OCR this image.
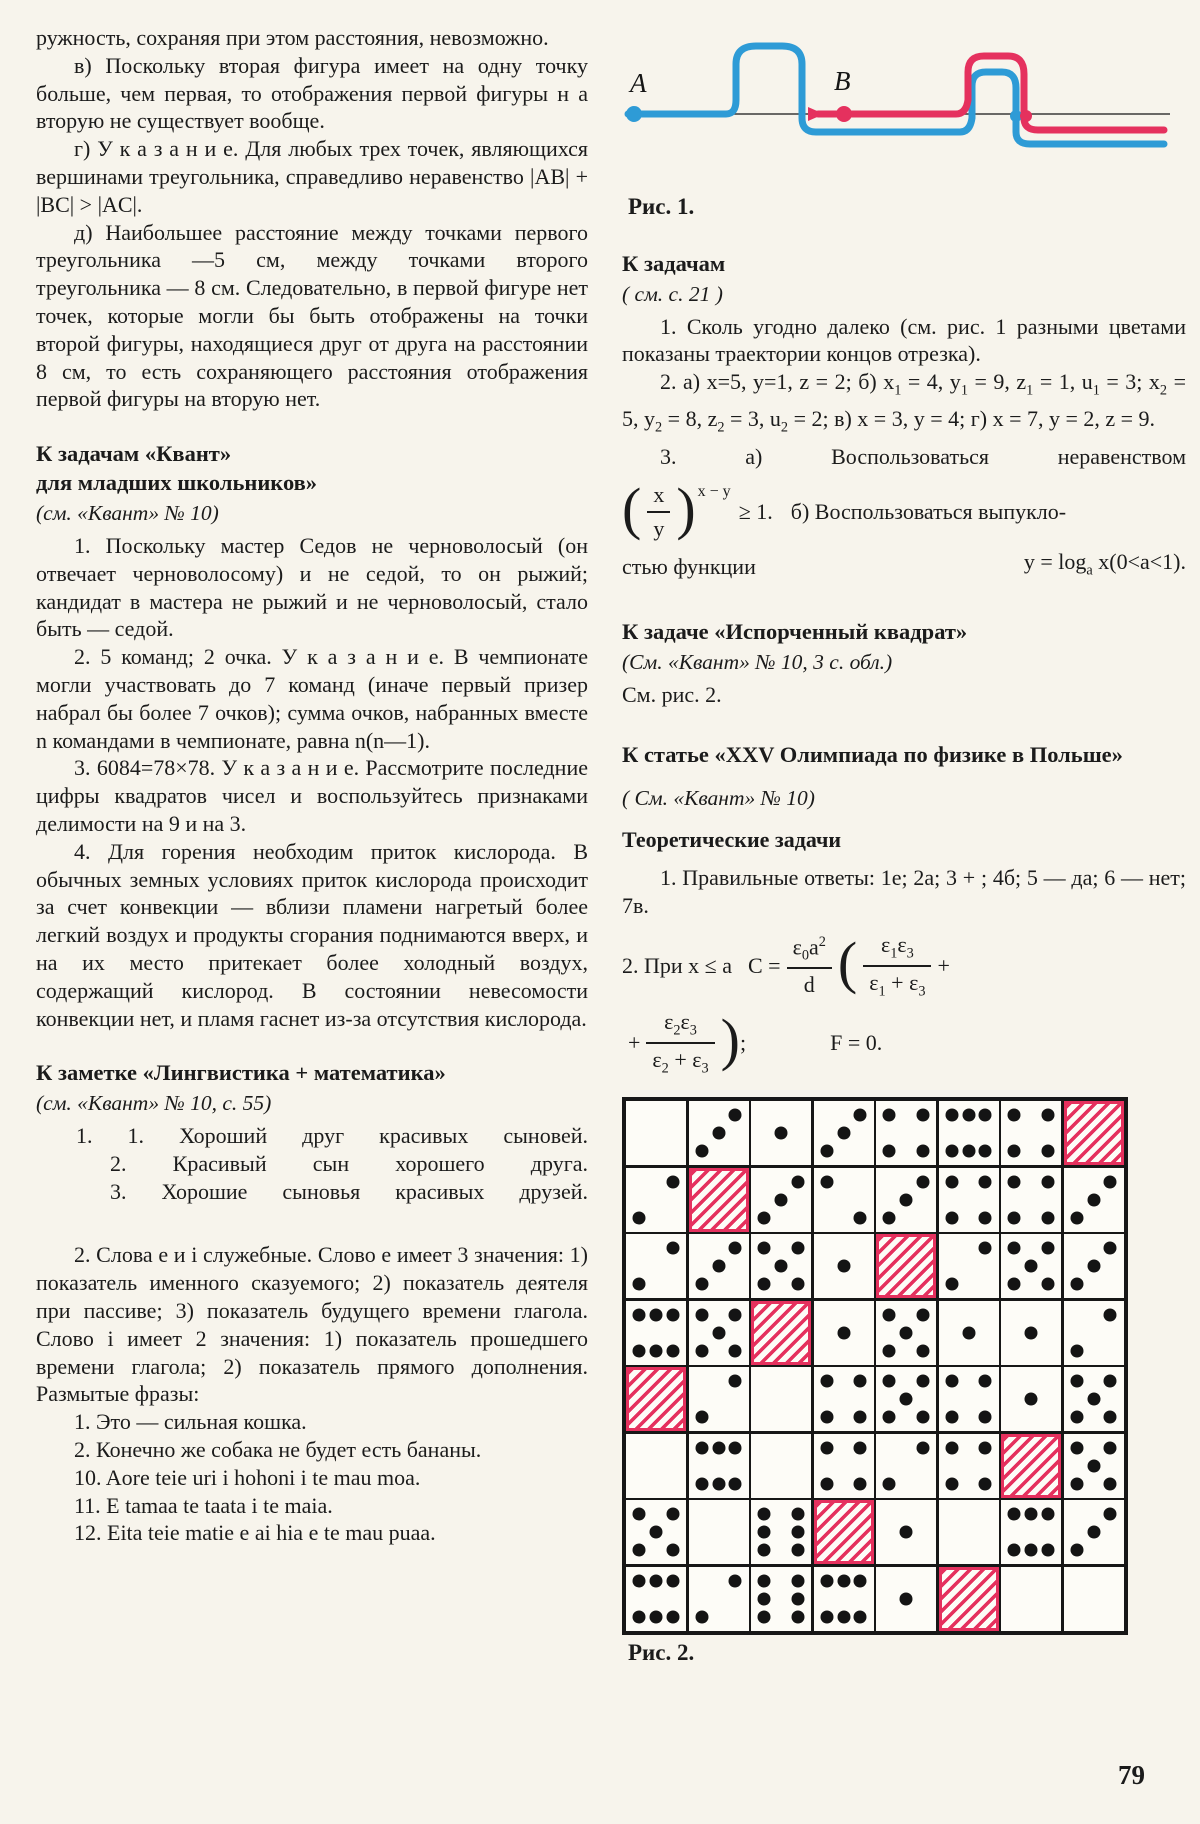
ружность, сохраняя при этом расстояния, невозможно.

в) Поскольку вторая фигура имеет на одну точку больше, чем первая, то отображения первой фигуры н а вторую не существует вообще.

г) У к а з а н и е. Для любых трех точек, являющихся вершинами треугольника, справедливо неравенство |AB| + |BC| > |AC|.

д) Наибольшее расстояние между точками первого треугольника —5 см, между точками второго треугольника — 8 см. Следовательно, в первой фигуре нет точек, которые могли бы быть отображены на точки второй фигуры, находящиеся друг от друга на расстоянии 8 см, то есть сохраняющего расстояния отображения первой фигуры на вторую нет.

К задачам «Квант»

для младших школьников»

(см. «Квант» № 10)

1. Поскольку мастер Седов не черноволосый (он отвечает черноволосому) и не седой, то он рыжий; кандидат в мастера не рыжий и не черноволосый, стало быть — седой.

2. 5 команд; 2 очка. У к а з а н и е. В чемпионате могли участвовать до 7 команд (иначе первый призер набрал бы более 7 очков); сумма очков, набранных вместе n командами в чемпионате, равна n(n—1).

3. 6084=78×78. У к а з а н и е. Рассмотрите последние цифры квадратов чисел и воспользуйтесь признаками делимости на 9 и на 3.

4. Для горения необходим приток кислорода. В обычных земных условиях приток кислорода происходит за счет конвекции — вблизи пламени нагретый более легкий воздух и продукты сгорания поднимаются вверх, и на их место притекает более холодный воздух, содержащий кислород. В состоянии невесомости конвекции нет, и пламя гаснет из-за отсутствия кислорода.

К заметке «Лингвистика + математика»

(см. «Квант» № 10, с. 55)

1. 1. Хороший друг красивых сыновей.

2. Красивый сын хорошего друга.

3. Хорошие сыновья красивых друзей.

2. Слова е и i служебные. Слово е имеет 3 значения: 1) показатель именного сказуемого; 2) показатель деятеля при пассиве; 3) показатель будущего времени глагола. Слово i имеет 2 значения: 1) показатель прошедшего времени глагола; 2) показатель прямого дополнения. Размытые фразы:

1. Это — сильная кошка.

2. Конечно же собака не будет есть бананы.

10. Aore teie uri i hohoni i te mau moa.

11. E tamaa te taata i te maia.

12. Eita teie matie e ai hia e te mau puaa.

A	B

Рис. 1.

К задачам

( см. с. 21 )

1. Сколь угодно далеко (см. рис. 1 разными цветами показаны траектории концов отрезка).

2. а) x=5, y=1, z = 2; б) $x_1 = 4$, $y_1 = 9$, $z_1 = 1$, $u_1 = 3$; $x_2 = 5$, $y_2 = 8$, $z_2 = 3$, $u_2 = 2$; в) x = 3, y = 4; г) x = 7, y = 2, z = 9.

3. а) Воспользоваться неравенством

( $\frac{x}{y}$ ) x − y
≥ 1. б) Воспользоваться выпукло-
стью функции	$y = \log_a x(0<a<1)$.

К задаче «Испорченный квадрат»

(См. «Квант» № 10, 3 с. обл.)

См. рис. 2.

К статье «XXV Олимпиада по физике в Польше»

( См. «Квант» № 10)

Теоретические задачи

1. Правильные ответы: 1е; 2а; 3 + ; 4б; 5 — да; 6 — нет; 7в.

2. При x ≤ a $C = \frac{\varepsilon_0a^2}{d}$ ( $\frac{\varepsilon_1\varepsilon_3}{\varepsilon_1 + \varepsilon_3}$ +
+ $\frac{\varepsilon_2\varepsilon_3}{\varepsilon_2 + \varepsilon_3}$ ) ;	F = 0.

Рис. 2.

79
